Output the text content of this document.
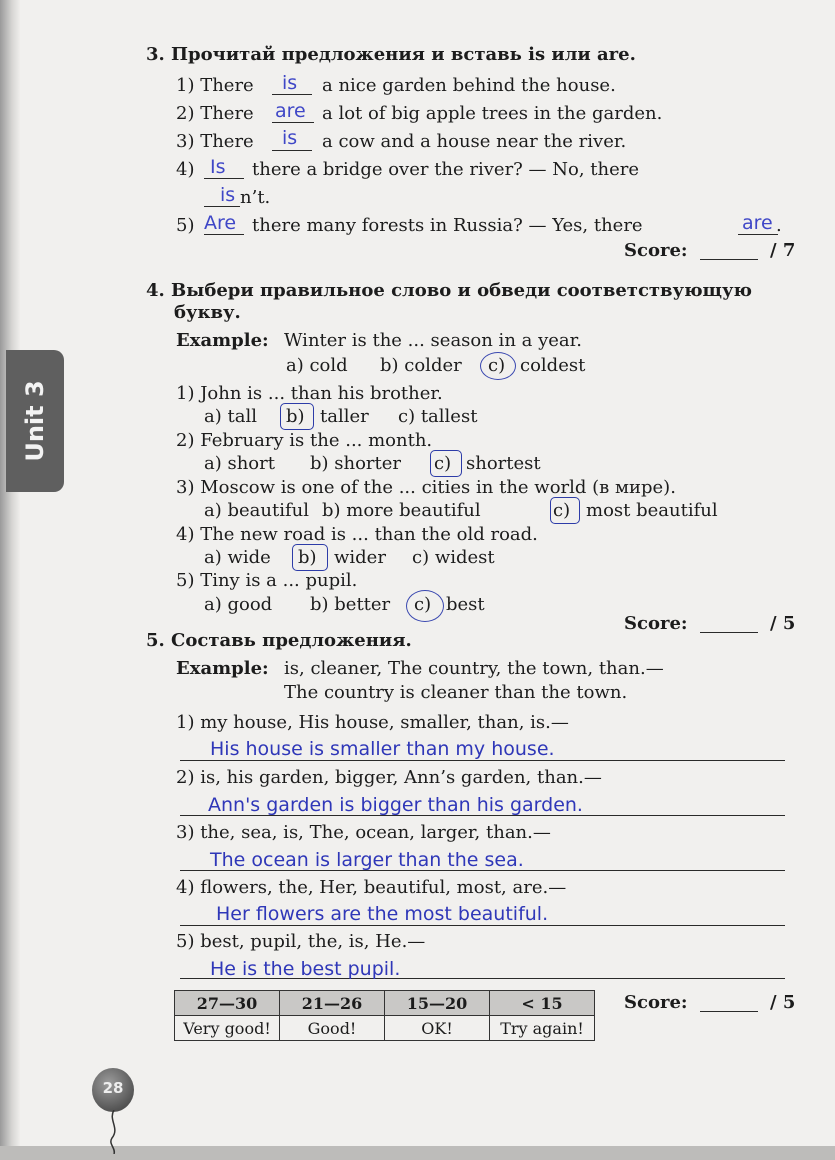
Unit 3
3. Прочитай предложения и вставь is или are.
1) There is a nice garden behind the house.
2) There are a lot of big apple trees in the garden.
3) There is a cow and a house near the river.
4) Is there a bridge over the river? — No, there
is n’t.
5) Are there many forests in Russia? — Yes, there	are .
Score:	/ 7
4. Выбери правильное слово и обведи соответствующую
букву.
Example: Winter is the ... season in a year.
a) cold b) colder c) coldest
1) John is ... than his brother.
a) tall b) taller c) tallest
2) February is the ... month.
a) short b) shorter c) shortest
3) Moscow is one of the ... cities in the world (в мире).
a) beautiful b) more beautiful	c) most beautiful
4) The new road is ... than the old road.
a) wide b) wider c) widest
5) Tiny is a ... pupil.
a) good b) better c) best
Score:	/ 5
5. Составь предложения.
Example: is, cleaner, The country, the town, than.—
The country is cleaner than the town.
1) my house, His house, smaller, than, is.—
His house is smaller than my house.
2) is, his garden, bigger, Ann’s garden, than.—
Ann's garden is bigger than his garden.
3) the, sea, is, The, ocean, larger, than.—
The ocean is larger than the sea.
4) flowers, the, Her, beautiful, most, are.—
Her flowers are the most beautiful.
5) best, pupil, the, is, He.—
He is the best pupil.
27—30	21—26	15—20	< 15
Very good!	Good!	OK!	Try again!
Score:	/ 5
28
